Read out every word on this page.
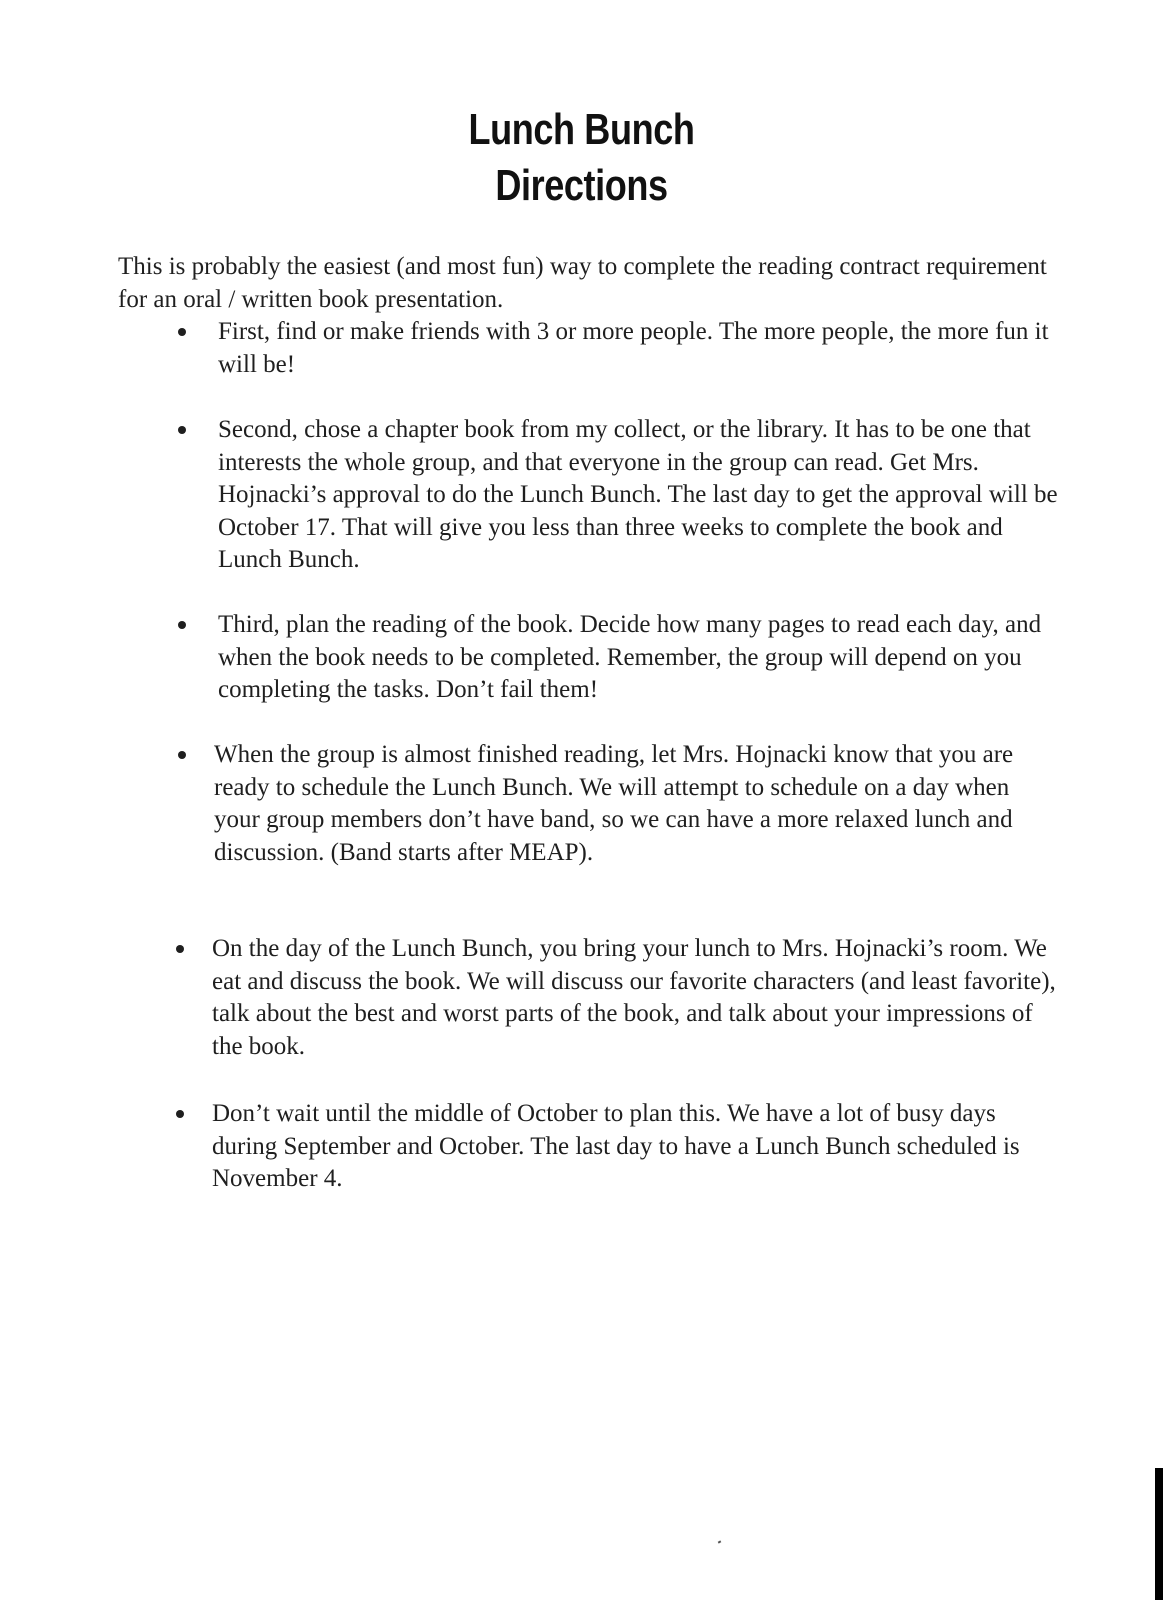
Lunch Bunch
Directions

This is probably the easiest (and most fun) way to complete the reading contract requirement for an oral / written book presentation.

First, find or make friends with 3 or more people. The more people, the more fun it will be!
Second, chose a chapter book from my collect, or the library. It has to be one that interests the whole group, and that everyone in the group can read. Get Mrs. Hojnacki’s approval to do the Lunch Bunch. The last day to get the approval will be October 17. That will give you less than three weeks to complete the book and Lunch Bunch.
Third, plan the reading of the book. Decide how many pages to read each day, and when the book needs to be completed. Remember, the group will depend on you completing the tasks. Don’t fail them!
When the group is almost finished reading, let Mrs. Hojnacki know that you are ready to schedule the Lunch Bunch. We will attempt to schedule on a day when your group members don’t have band, so we can have a more relaxed lunch and discussion. (Band starts after MEAP).
On the day of the Lunch Bunch, you bring your lunch to Mrs. Hojnacki’s room. We eat and discuss the book. We will discuss our favorite characters (and least favorite), talk about the best and worst parts of the book, and talk about your impressions of the book.
Don’t wait until the middle of October to plan this. We have a lot of busy days during September and October. The last day to have a Lunch Bunch scheduled is November 4.
